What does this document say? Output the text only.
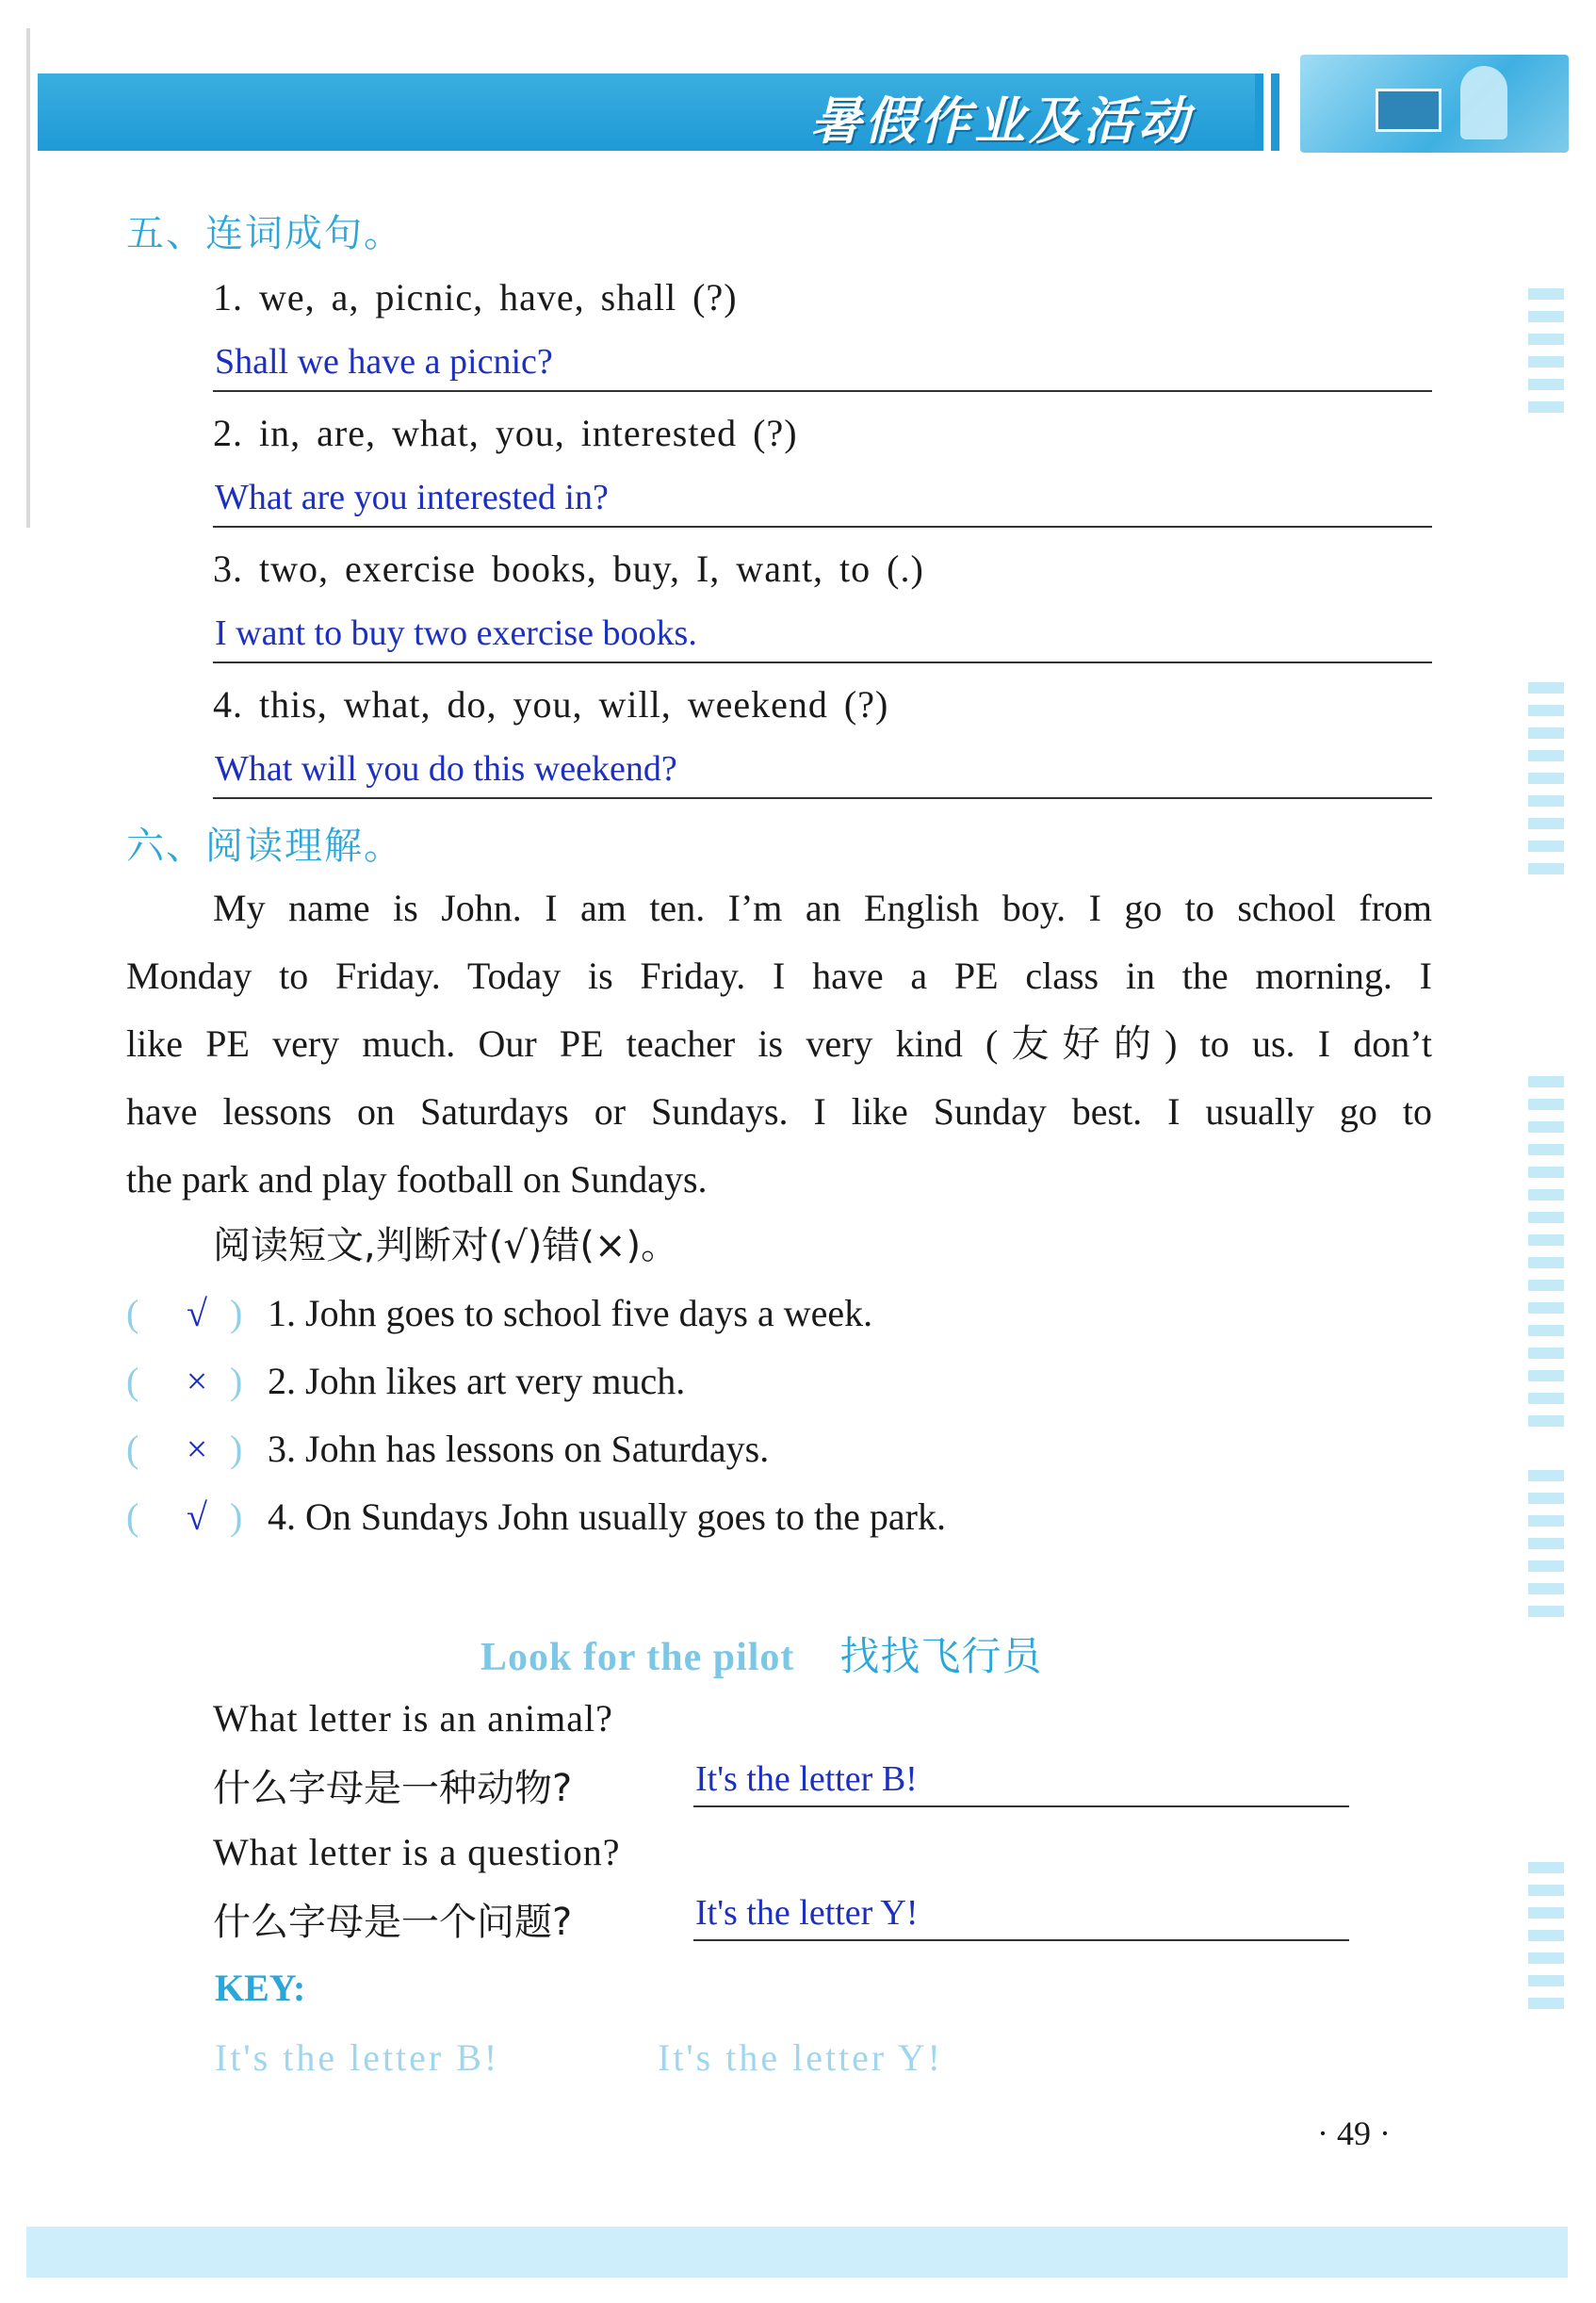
暑假作业及活动
五、连词成句。
1. we, a, picnic, have, shall (?)
Shall we have a picnic?
2. in, are, what, you, interested (?)
What are you interested in?
3. two, exercise books, buy, I, want, to (.)
I want to buy two exercise books.
4. this, what, do, you, will, weekend (?)
What will you do this weekend?
六、阅读理解。
My name is John. I am ten. I’m an English boy. I go to school from
Monday to Friday. Today is Friday. I have a PE class in the morning. I
like PE very much. Our PE teacher is very kind (友好的) to us. I don’t
have lessons on Saturdays or Sundays. I like Sunday best. I usually go to
the park and play football on Sundays.
阅读短文,判断对(√)错(×)。
( √ ) 1. John goes to school five days a week.
( × ) 2. John likes art very much.
( × ) 3. John has lessons on Saturdays.
( √ ) 4. On Sundays John usually goes to the park.
Look for the pilot 找找飞行员
What letter is an animal?
什么字母是一种动物?	It's the letter B!
What letter is a question?
什么字母是一个问题?	It's the letter Y!
KEY:
It's the letter B!	It's the letter Y!
· 49 ·
